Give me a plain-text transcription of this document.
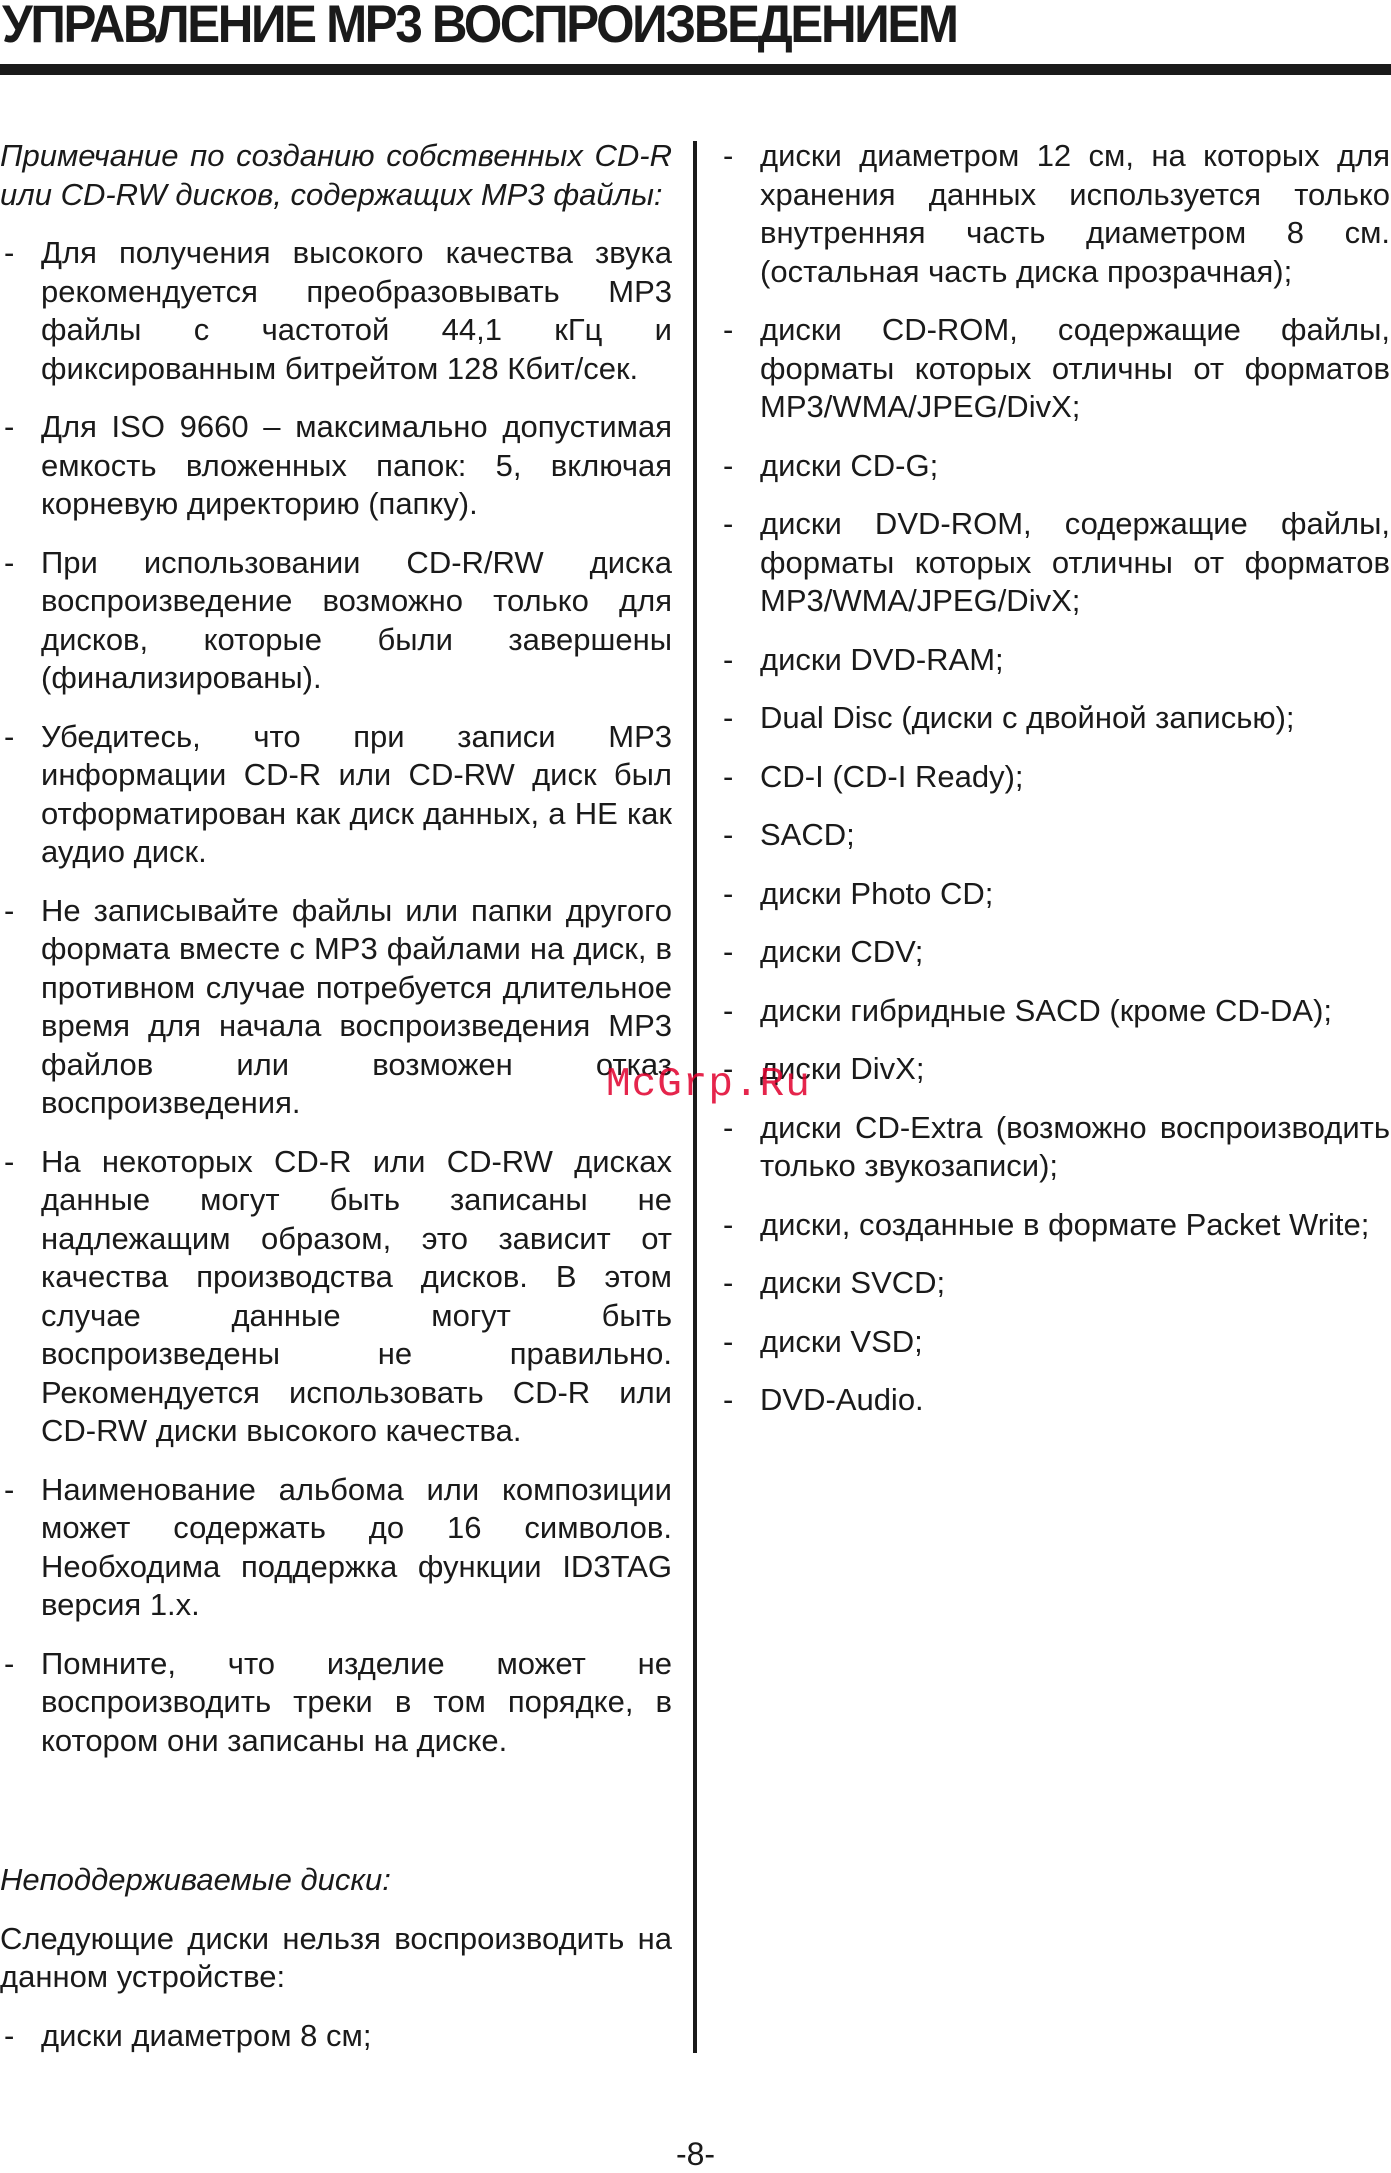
УПРАВЛЕНИЕ МР3 ВОСПРОИЗВЕДЕНИЕМ

Примечание по созданию собственных CD-R или CD-RW дисков, содержащих MP3 файлы:

- Для получения высокого качества звука рекомендуется преобразовывать MP3 файлы с частотой 44,1 кГц и фиксированным битрейтом 128 Кбит/сек.
- Для ISO 9660 – максимально допустимая емкость вложенных папок: 5, включая корневую директорию (папку).
- При использовании CD-R/RW диска воспроизведение возможно только для дисков, которые были завершены (финализированы).
- Убедитесь, что при записи MP3 информации CD-R или CD-RW диск был отформатирован как диск данных, а НЕ как аудио диск.
- Не записывайте файлы или папки другого формата вместе с MP3 файлами на диск, в противном случае потребуется длительное время для начала воспроизведения MP3 файлов или возможен отказ воспроизведения.
- На некоторых CD-R или CD-RW дисках данные могут быть записаны не надлежащим образом, это зависит от качества производства дисков. В этом случае данные могут быть воспроизведены не правильно. Рекомендуется использовать CD-R или CD-RW диски высокого качества.
- Наименование альбома или композиции может содержать до 16 символов. Необходима поддержка функции ID3TAG версия 1.x.
- Помните, что изделие может не воспроизводить треки в том порядке, в котором они записаны на диске.

Неподдерживаемые диски:

Следующие диски нельзя воспроизводить на данном устройстве:

- диски диаметром 8 см;
- диски диаметром 12 см, на которых для хранения данных используется только внутренняя часть диаметром 8 см. (остальная часть диска прозрачная);
- диски CD-ROM, содержащие файлы, форматы которых отличны от форматов MP3/WMA/JPEG/DivX;
- диски CD-G;
- диски DVD-ROM, содержащие файлы, форматы которых отличны от форматов MP3/WMA/JPEG/DivX;
- диски DVD-RAM;
- Dual Disc (диски с двойной записью);
- CD-I (CD-I Ready);
- SACD;
- диски Photo CD;
- диски CDV;
- диски гибридные SACD (кроме CD-DA);
- диски DivX;
- диски CD-Extra (возможно воспроизводить только звукозаписи);
- диски, созданные в формате Packet Write;
- диски SVCD;
- диски VSD;
- DVD-Audio.
McGrp.Ru
-8-
